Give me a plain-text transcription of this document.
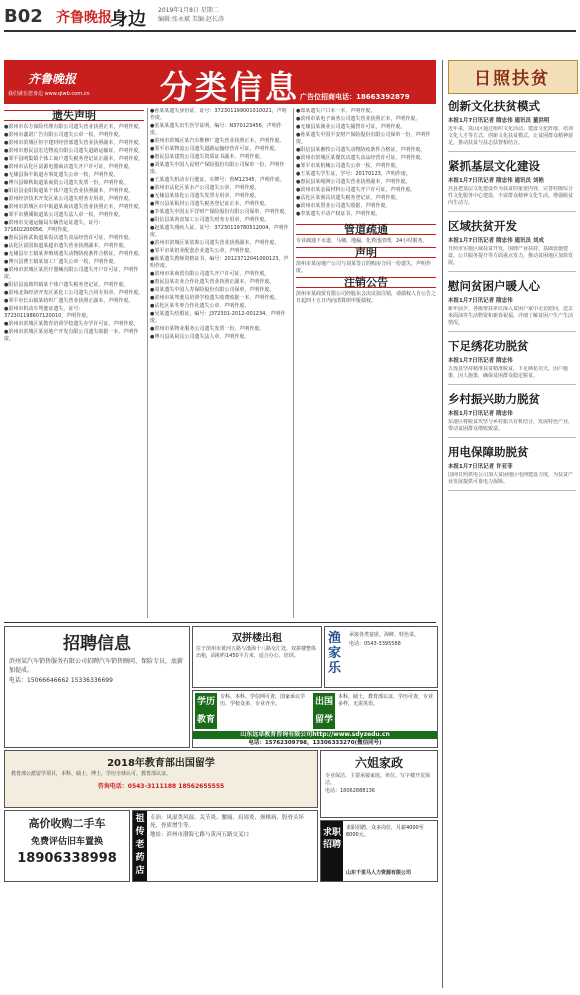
B02 齐鲁晚报
身边 2019年1月8日 星期二
编辑:张永斌 美编:赵长涛
齐鲁晚报
我们就在您身边 www.qlwb.com.cn 分类信息 广告位招商电话：18663392879
遗失声明

●滨州市东方保险代理有限公司遗失营业执照正本，声明作废。

●滨州市鑫诺广告有限公司遗失公章一枚，声明作废。

●滨州市滨城区恒宇建材经营部遗失营业执照副本，声明作废。

●滨州市惠民县宏达物流有限公司遗失道路运输证，声明作废。

●邹平县明集镇个体工商户遗失税务登记证正副本，声明作废。

●滨州市沾化区富源电器商店遗失开户许可证，声明作废。

●无棣县海丰街道办事处遗失公章一枚，声明作废。

●博兴县锦秋街道某商贸公司遗失发票一份，声明作废。

●阳信县金阳街道某个体户遗失营业执照副本，声明作废。

●滨州经济技术开发区某公司遗失财务专用章，声明作废。

●滨州市滨城区市中街道某商店遗失营业执照正本，声明作废。

●邹平市黛溪街道某公司遗失法人章一枚，声明作废。

●滨州市交通运输局车辆营运证遗失，证号：371602200056，声明作废。

●惠民县孙武街道某饭店遗失食品经营许可证，声明作废。

●沾化区富国街道某超市遗失营业执照副本，声明作废。

●无棣县车王镇某养殖场遗失动物防疫条件合格证，声明作废。

●博兴县曹王镇某加工厂遗失公章一枚，声明作废。

●滨州市滨城区某医疗器械有限公司遗失开户许可证，声明作废。

●阳信县流坡坞镇某个体户遗失税务登记证，声明作废。

●滨州北海经济开发区某化工公司遗失合同专用章，声明作废。

●邹平市长山镇某纺织厂遗失营业执照正副本，声明作废。

●滨州市机动车驾驶证遗失，证号：372301198607120010，声明作废。

●滨州市滨城区某教育培训学校遗失办学许可证，声明作废。

●滨州市滨城区某房地产开发有限公司遗失收据一本，声明作废。

●孙某某遗失身份证，证号：372301199001010021，声明作废。

●张某某遗失出生医学证明，编号：N370123456，声明作废。

●滨州市滨城区某汽车维修厂遗失营业执照正本，声明作废。

●邹平市某物流公司遗失道路运输经营许可证，声明作废。

●惠民县某建筑公司遗失资质证书副本，声明作废。

●刘某遗失中国人民财产保险股份有限公司保单一份，声明作废。

●王某遗失机动车行驶证，车牌号：鲁M12345，声明作废。

●滨州市沾化区某水产公司遗失公章，声明作废。

●无棣县某盐化公司遗失发票专用章，声明作废。

●博兴县某板材公司遗失税务登记证正本，声明作废。

●李某遗失中国太平洋财产保险股份有限公司保单，声明作废。

●阳信县某肉食加工公司遗失财务专用章，声明作废。

●赵某遗失残疾人证，证号：37230119780512004，声明作废。

●滨州市滨城区某装饰公司遗失营业执照副本，声明作废。

●邹平市某铝业配套企业遗失公章，声明作废。

●陈某遗失教师资格证书，编号：20123712041000123，声明作废。

●滨州市某商贸有限公司遗失开户许可证，声明作废。

●惠民县某农业合作社遗失营业执照正副本，声明作废。

●周某遗失中国人寿保险股份有限公司保单，声明作废。

●滨州市某驾驶员培训学校遗失收费收据一本，声明作废。

●沾化区某冬枣合作社遗失公章，声明作废。

●吴某遗失结婚证，编号：J372301-2012-001234，声明作废。

●滨州市某物业服务公司遗失发票一份，声明作废。

●博兴县某厨具公司遗失法人章，声明作废。

●郑某遗失户口本一本，声明作废。

●滨州市某电子商务公司遗失营业执照正本，声明作废。

●无棣县某渔业公司遗失捕捞许可证，声明作废。

●孙某遗失中国平安财产保险股份有限公司保单一份，声明作废。

●阳信县某畜牧公司遗失动物防疫条件合格证，声明作废。

●滨州市滨城区某餐饮店遗失食品经营许可证，声明作废。

●邹平市某机械公司遗失公章一枚，声明作废。

●王某遗失学生证，学号：20170123，声明作废。

●惠民县某绳网公司遗失营业执照副本，声明作废。

●滨州市某金属材料公司遗失开户许可证，声明作废。

●沾化区某渔具店遗失税务登记证，声明作废。

●滨州市某置业公司遗失收据，声明作废。

●李某遗失不动产权证书，声明作废。

管道疏通

专业疏通下水道、马桶、地漏、化粪池清理，24小时服务。

声明

滨州市某房地产公司与刘某签订的购房合同一份遗失，声明作废。

注销公告

滨州市某商贸有限公司经股东会决议拟注销，请债权人自公告之日起四十五日内向清算组申报债权。

招聘信息

滨州某汽车销售服务有限公司招聘汽车销售顾问、保险专员，底薪加提成。

电话：15066646662 15336336699

双拼楼出租

位于滨州市黄河五路与渤海十八路交汇处，双拼楼整体出租，面积约1450平方米，适合办公、培训。

渔家乐

承接各类宴席，海鲜、特色菜。

电话：0543-3395588

学历教育

专科、本科、学信网可查，国家承认学历，学校众多，专业齐全。	出国留学

本科、硕士，教育部认证，学历可查，专业多样，无需英语。

山东远卓教育咨询有限公司http://www.sdyzedu.cn
电话：15762309798，13306333270(微信同号)
2018年教育部出国留学

教育部公派留学项目，本科、硕士、博士，学历全球认可，教育部认证。

咨询电话：0543-3111188 18562655555
六姐家政

专业保洁，主要承接家庭、单位、写字楼开荒保洁。

电话：18062888136

高价收购二手车
免费评估旧车置换
18906338998
祖传老药店

专治：风湿类风湿、关节炎、腰痛、肩周炎、颈椎病、股骨头坏死、骨质增生等。

地址：滨州市渤海七路与黄河五路交叉口	求职招聘

求职招聘，众多岗位，月薪4000至8000元。

山东千里马人力资源有限公司
日照扶贫
创新文化扶贫模式
本报1月7日讯记者 隋忠伟 通讯员 董洪明
近年来，岚山区通过组织文化活动、建设文化阵地、培训文化人才等方式，创新文化扶贫模式，让贫困群众精神富足，推动扶贫与扶志扶智相结合。
紧抓基层文化建设
本报1月7日讯记者 隋忠伟 通讯员 刘艳
莒县把基层文化建设作为扶贫的重要内容，完善村级综合性文化服务中心建设，丰富群众精神文化生活，增强脱贫内生动力。
区域扶贫开发
本报1月7日讯记者 隋忠伟 通讯员 刘成
日照市实施区域扶贫开发，围绕产业扶持、基础设施建设、公共服务提升等方面重点发力，推动贫困地区加快发展。
慰问贫困户暖人心
本报1月7日讯记者 隋忠伟
新年前夕，各级帮扶单位深入贫困户家中走访慰问，送去米面油等生活物资和新春祝福，详细了解贫困户生产生活情况。
下足绣花功脱贫
本报1月7日讯记者 隋忠伟
五莲县坚持精准扶贫精准脱贫，下足绣花功夫，因户施策、因人施策，确保贫困群众稳定脱贫。
乡村振兴助力脱贫
本报1月7日讯记者 隋忠伟
东港区将脱贫攻坚与乡村振兴有机结合，发展特色产业，带动贫困群众增收致富。
用电保障助脱贫
本报1月7日讯记者 许亚菲
国网日照供电公司加大贫困地区电网建设力度，为扶贫产业发展提供可靠电力保障。
